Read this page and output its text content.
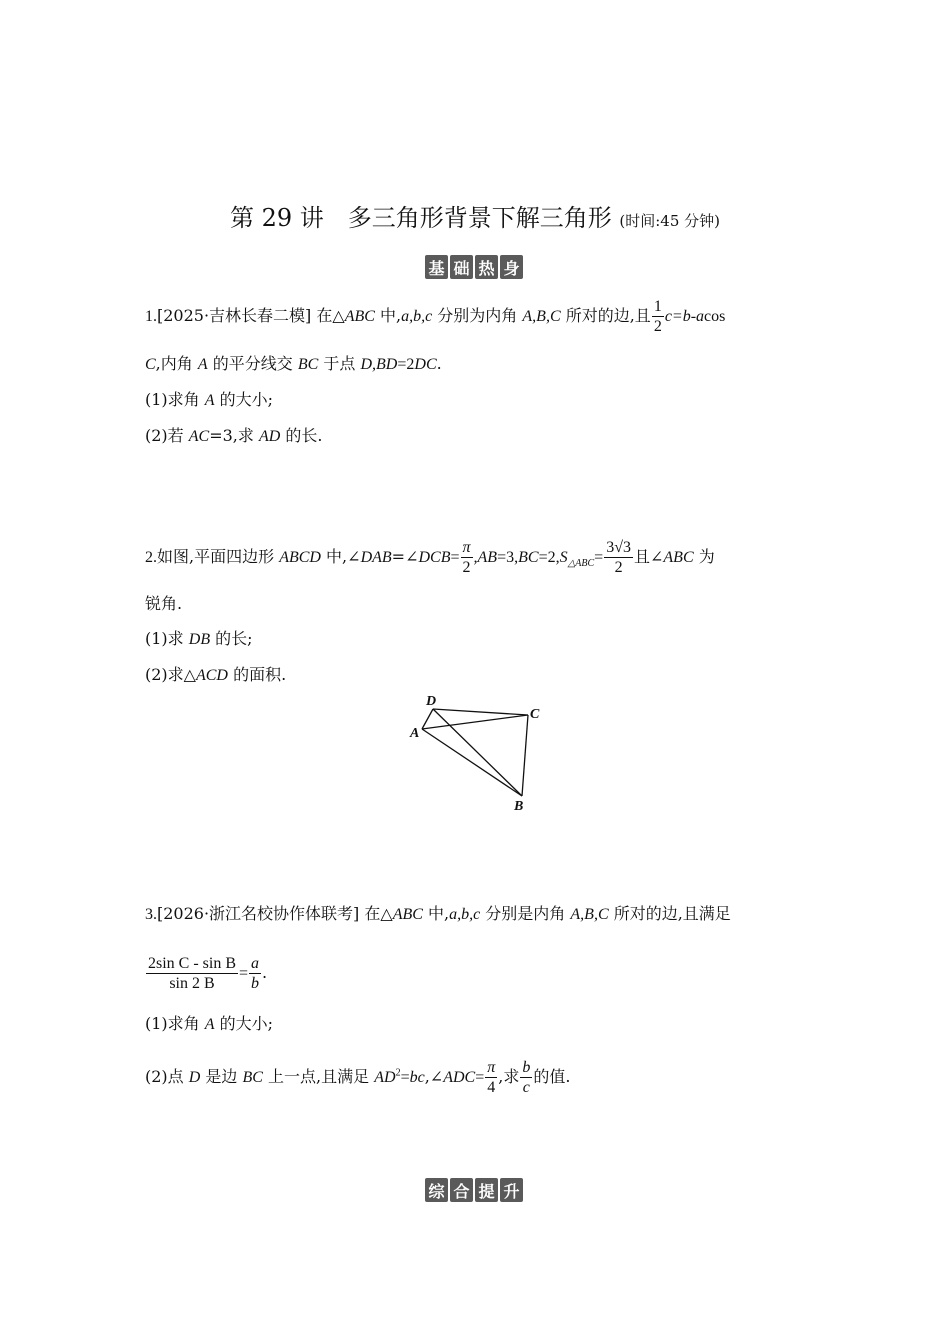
第 29 讲　多三角形背景下解三角形 (时间:45 分钟)
基 础 热 身
1.[2025·吉林长春二模] 在△ABC 中,a,b,c 分别为内角 A,B,C 所对的边,且 $\frac{1}{2} c=b-acos$
C,内角 A 的平分线交 BC 于点 D,BD=2DC.
(1)求角 A 的大小;
(2)若 AC=3,求 AD 的长.
2.如图,平面四边形 ABCD 中,∠DAB=∠DCB= $\frac{\pi}{2} ,AB=3,BC=2,S_{\triangle ABC}= \frac{3√3}{2}$ 且∠ABC 为
锐角.
(1)求 DB 的长;
(2)求△ACD 的面积.
D
C
A
B
3.[2026·浙江名校协作体联考] 在△ABC 中,a,b,c 分别是内角 A,B,C 所对的边,且满足
$\frac{\text{2sin C - sin B}}{\sin 2 B} = \frac{a}{b}$ .
(1)求角 A 的大小;
(2)点 D 是边 BC 上一点,且满足 $AD^2=bc,\angle ADC= \frac{\pi}{4}$ ,求 $\frac{b}{c}$ 的值.
综 合 提 升
